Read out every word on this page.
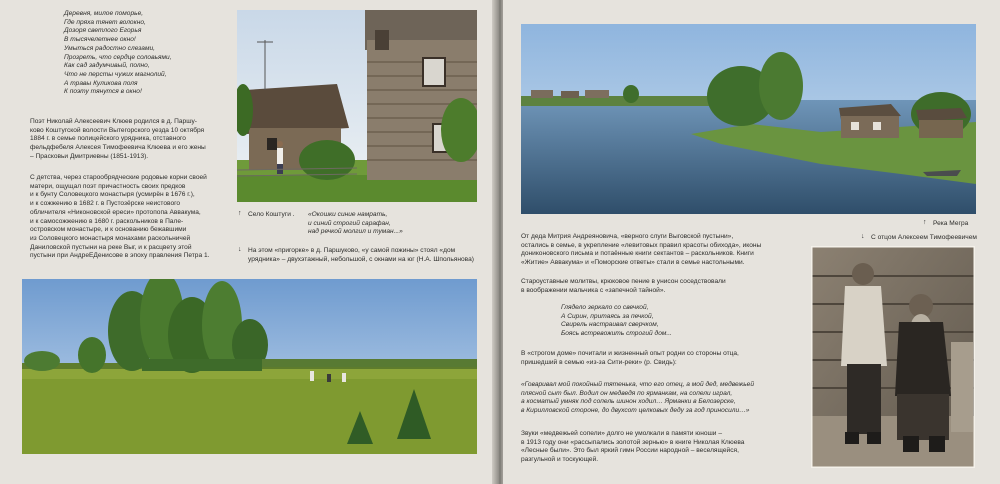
Деревня, милое поморье,
Где пряха тянет волокно,
Дозоря светлого Егорья
В тысячелетнее окно!
Умыться радостно слезами,
Прозреть, что сердце соловьями,
Как сад задумчивый, полно,
Что не персты чужих магнолий,
А травы Куликова поля
К поэту тянутся в окно!
Поэт Николай Алексеевич Клюев родился в д. Паршу-
ково Коштугской волости Вытегорского уезда 10 октября
1884 г. в семье полицейского урядника, отставного
фельдфебеля Алексея Тимофеевича Клюева и его жены
– Прасковьи Дмитриевны (1851-1913).
С детства, через старообрядческие родовые корни своей
матери, ощущал поэт причастность своих предков
и к бунту Соловецкого монастыря (усмирён в 1676 г.),
и к сожжению в 1682 г. в Пустозёрске неистового
обличителя «Никоновской ереси» протопопа Аввакума,
и к самосожжению в 1680 г. раскольников в Пале-
островском монастыре, и к основанию бежавшими
из Соловецкого монастыря монахами раскольничей
Даниловской пустыни на реке Выг, и к расцвету этой
пустыни при АндреЕДенисове в эпоху правления Петра 1.
↑ Село Коштуги . «Окошки синие намрать,
и синий строгий сарафан,
над речкой молгил и туман...»
↓ На этом «пригорке» в д. Паршуково, «у самой пожины» стоял «дом
урядника» – двухэтажный, небольшой, с окнами на юг (Н.А. Шпольянова)
↑ Река Мегра
↓ С отцом Алексеем Тимофеевичем
От деда Митрия Андреяновича, «верного слуги Выговской пустыни»,
остались в семье, в укрепление «левитовых правил красоты обихода», иконы
дониконовского письма и потаённые книги сектантов – раскольников. Книги
«Житие» Аввакума» и «Поморские ответы» стали в семье настольными.
Староуставные молитвы, крюковое пение в унисон соседствовали
в воображении мальчика с «запечной тайной».
Глядело зеркало со свечкой,
А Сирин, притаясь за печкой,
Свирель настраивал сверчком,
Боясь встревожить строгий дом...
В «строгом доме» почитали и жизненный опыт родни со стороны отца,
пришедший в семью «из-за Сити-реки» (р. Свидь):
«Говаривал мой покойный тятенька, что его отец, а мой дед, медвежьей
плясной сыт был. Водил он медведя по ярманкам, на сопели играл,
а косматый умняк под сопель шинон ходил… Ярманки в Белозерске,
в Кирилловской стороне, до двухсот целковых деду за год приносили…»
Звуки «медвежьей сопели» долго не умолкали в памяти юноши –
в 1913 году они «рассыпались золотой зернью» в книге Николая Клюева
«Лесные были». Это был яркий гимн России народной – веселящейся,
разгульной и тоскующей.
